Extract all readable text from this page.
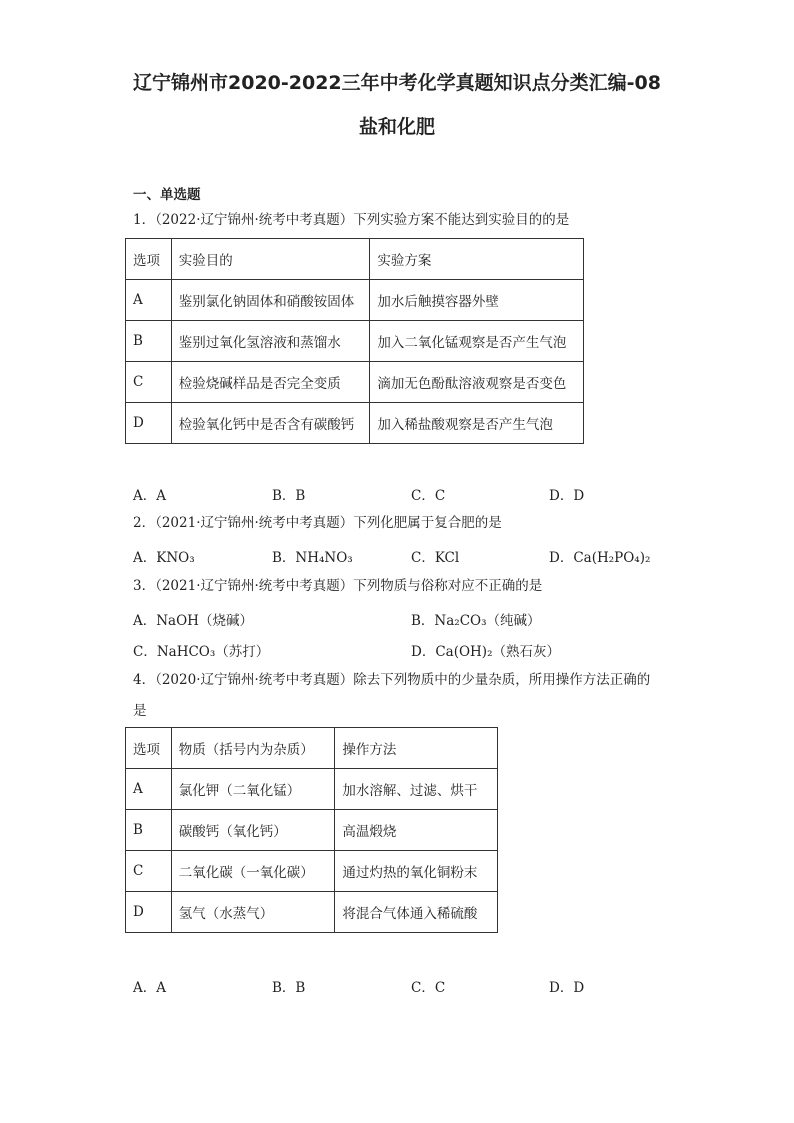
辽宁锦州市2020-2022三年中考化学真题知识点分类汇编-08
盐和化肥
一、单选题
1．（2022·辽宁锦州·统考中考真题）下列实验方案不能达到实验目的的是
选项	实验目的	实验方案
A	鉴别氯化钠固体和硝酸铵固体	加水后触摸容器外壁
B	鉴别过氧化氢溶液和蒸馏水	加入二氧化锰观察是否产生气泡
C	检验烧碱样品是否完全变质	滴加无色酚酞溶液观察是否变色
D	检验氧化钙中是否含有碳酸钙	加入稀盐酸观察是否产生气泡
A．A	B．B	C．C	D．D
2．（2021·辽宁锦州·统考中考真题）下列化肥属于复合肥的是
A．KNO₃	B．NH₄NO₃	C．KCl	D．Ca(H₂PO₄)₂
3．（2021·辽宁锦州·统考中考真题）下列物质与俗称对应不正确的是
A．NaOH（烧碱）	B．Na₂CO₃（纯碱）
C．NaHCO₃（苏打）	D．Ca(OH)₂（熟石灰）
4．（2020·辽宁锦州·统考中考真题）除去下列物质中的少量杂质，所用操作方法正确的
是
选项	物质（括号内为杂质）	操作方法
A	氯化钾（二氧化锰）	加水溶解、过滤、烘干
B	碳酸钙（氧化钙）	高温煅烧
C	二氧化碳（一氧化碳）	通过灼热的氧化铜粉末
D	氢气（水蒸气）	将混合气体通入稀硫酸
A．A	B．B	C．C	D．D
